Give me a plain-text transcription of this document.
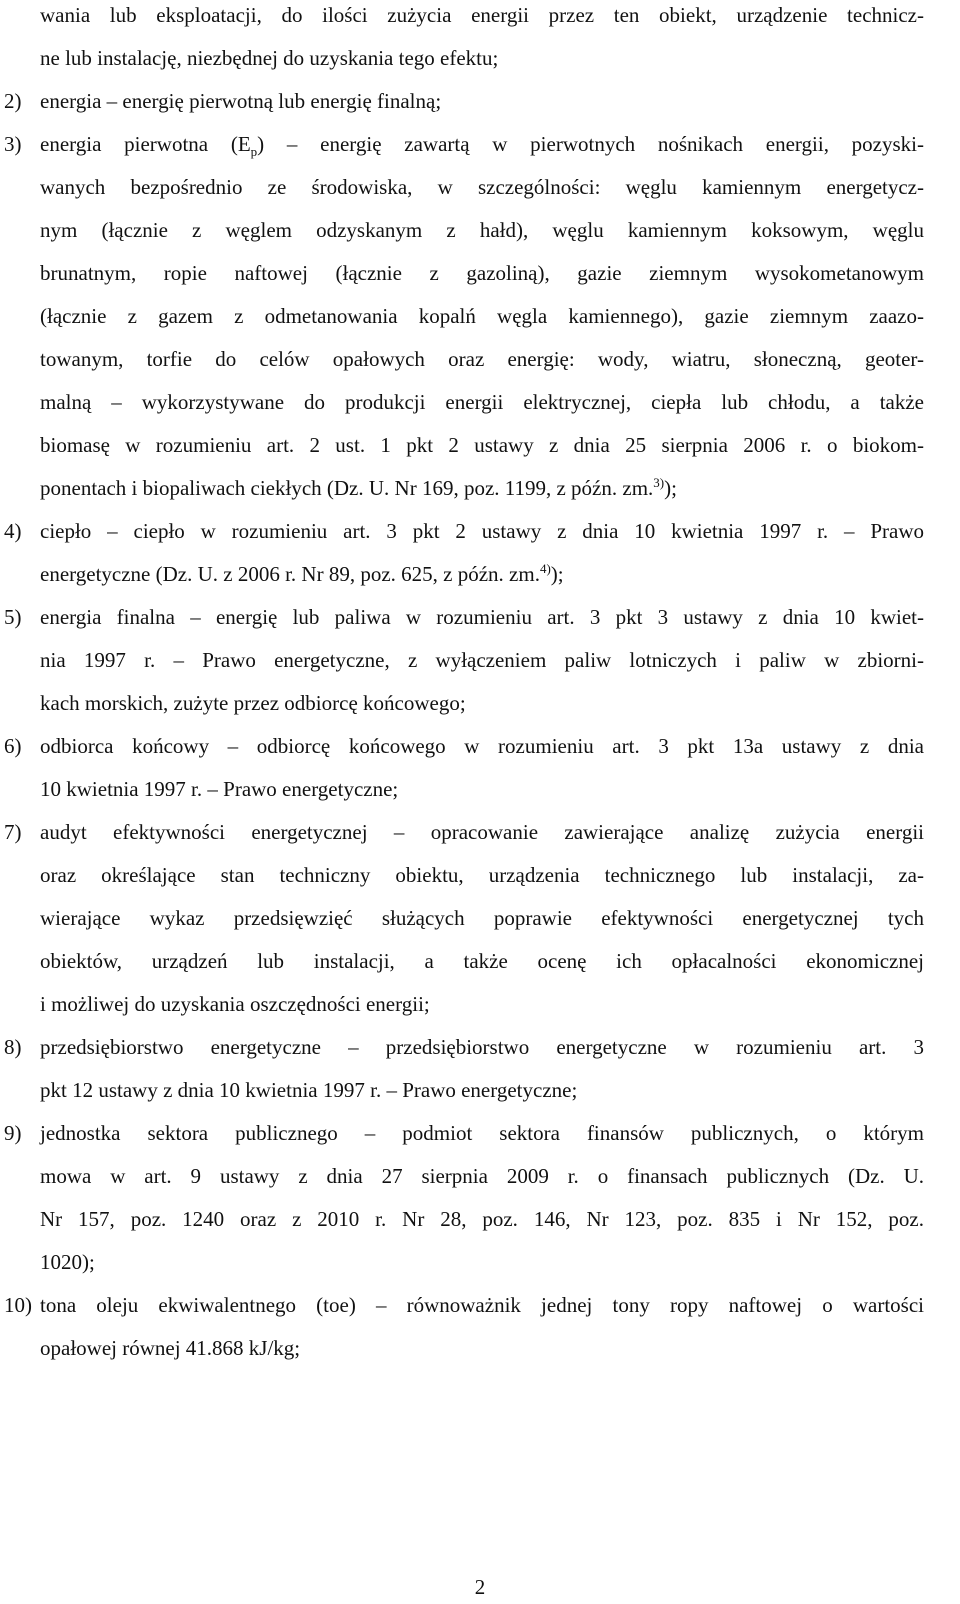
wania lub eksploatacji, do ilości zużycia energii przez ten obiekt, urządzenie technicz-
ne lub instalację, niezbędnej do uzyskania tego efektu;
2) energia – energię pierwotną lub energię finalną;
3) energia pierwotna $(E_p)$ – energię zawartą w pierwotnych nośnikach energii, pozyski-
wanych bezpośrednio ze środowiska, w szczególności: węglu kamiennym energetycz-
nym (łącznie z węglem odzyskanym z hałd), węglu kamiennym koksowym, węglu
brunatnym, ropie naftowej (łącznie z gazoliną), gazie ziemnym wysokometanowym
(łącznie z gazem z odmetanowania kopalń węgla kamiennego), gazie ziemnym zaazo-
towanym, torfie do celów opałowych oraz energię: wody, wiatru, słoneczną, geoter-
malną – wykorzystywane do produkcji energii elektrycznej, ciepła lub chłodu, a także
biomasę w rozumieniu art. 2 ust. 1 pkt 2 ustawy z dnia 25 sierpnia 2006 r. o biokom-
ponentach i biopaliwach ciekłych (Dz. U. Nr 169, poz. 1199, z późn. zm.$^{3)}$);
4) ciepło – ciepło w rozumieniu art. 3 pkt 2 ustawy z dnia 10 kwietnia 1997 r. – Prawo
energetyczne (Dz. U. z 2006 r. Nr 89, poz. 625, z późn. zm.$^{4)}$);
5) energia finalna – energię lub paliwa w rozumieniu art. 3 pkt 3 ustawy z dnia 10 kwiet-
nia 1997 r. – Prawo energetyczne, z wyłączeniem paliw lotniczych i paliw w zbiorni-
kach morskich, zużyte przez odbiorcę końcowego;
6) odbiorca końcowy – odbiorcę końcowego w rozumieniu art. 3 pkt 13a ustawy z dnia
10 kwietnia 1997 r. – Prawo energetyczne;
7) audyt efektywności energetycznej – opracowanie zawierające analizę zużycia energii
oraz określające stan techniczny obiektu, urządzenia technicznego lub instalacji, za-
wierające wykaz przedsięwzięć służących poprawie efektywności energetycznej tych
obiektów, urządzeń lub instalacji, a także ocenę ich opłacalności ekonomicznej
i możliwej do uzyskania oszczędności energii;
8) przedsiębiorstwo energetyczne – przedsiębiorstwo energetyczne w rozumieniu art. 3
pkt 12 ustawy z dnia 10 kwietnia 1997 r. – Prawo energetyczne;
9) jednostka sektora publicznego – podmiot sektora finansów publicznych, o którym
mowa w art. 9 ustawy z dnia 27 sierpnia 2009 r. o finansach publicznych (Dz. U.
Nr 157, poz. 1240 oraz z 2010 r. Nr 28, poz. 146, Nr 123, poz. 835 i Nr 152, poz.
1020);
10) tona oleju ekwiwalentnego (toe) – równoważnik jednej tony ropy naftowej o wartości
opałowej równej 41.868 kJ/kg;
2
